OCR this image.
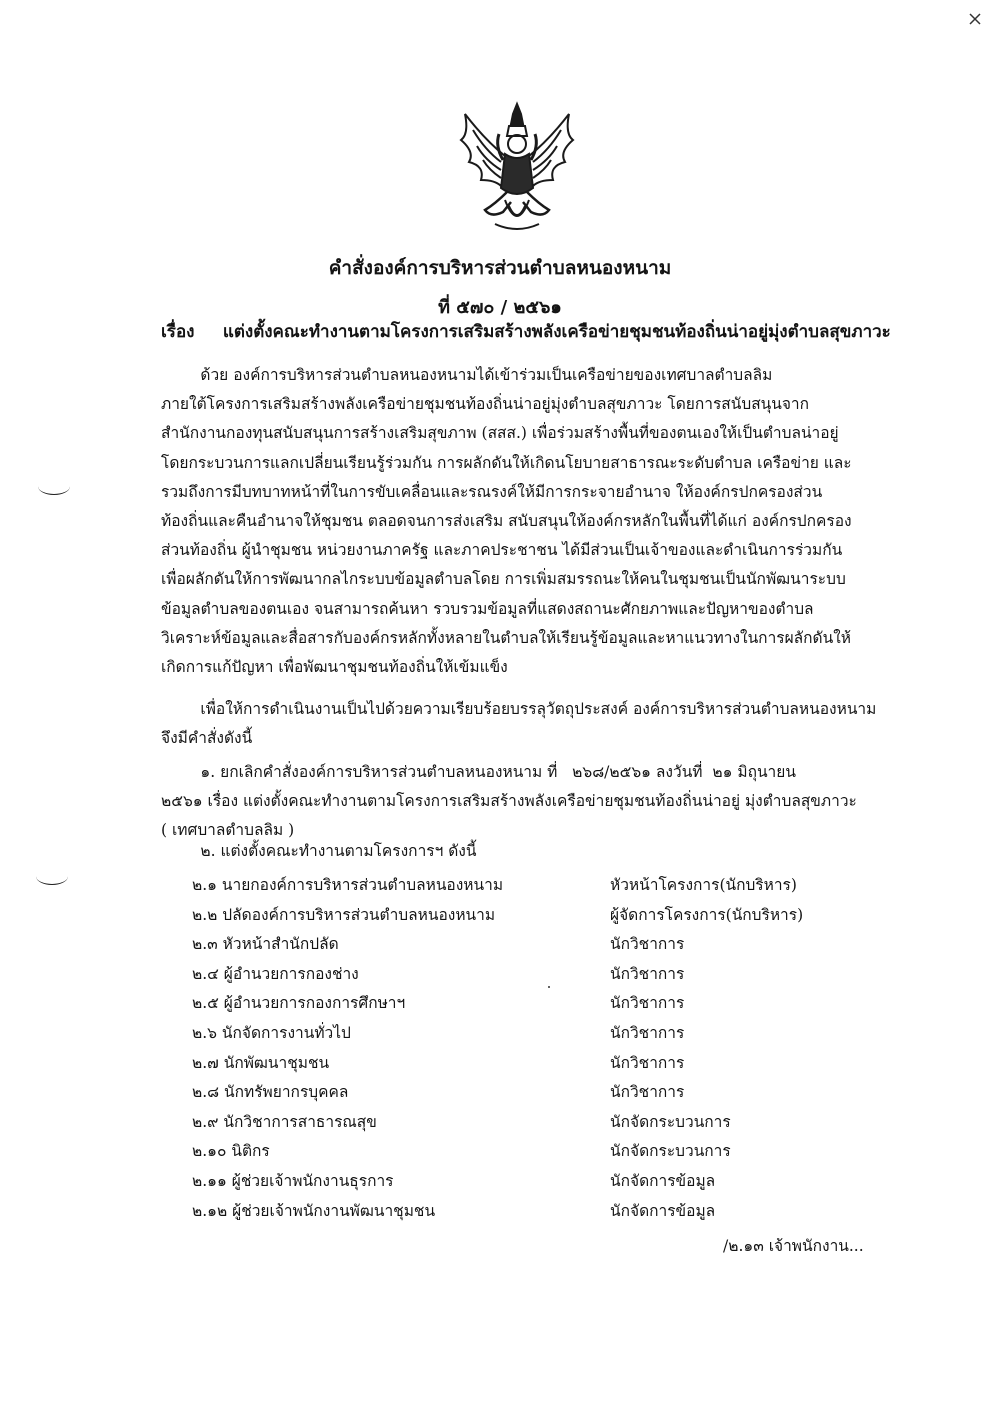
คำสั่งองค์การบริหารส่วนตำบลหนองหนาม
ที่ ๕๗๐ / ๒๕๖๑
เรื่อง แต่งตั้งคณะทำงานตามโครงการเสริมสร้างพลังเครือข่ายชุมชนท้องถิ่นน่าอยู่มุ่งตำบลสุขภาวะ
ด้วย องค์การบริหารส่วนตำบลหนองหนามได้เข้าร่วมเป็นเครือข่ายของเทศบาลตำบลลิม
ภายใต้โครงการเสริมสร้างพลังเครือข่ายชุมชนท้องถิ่นน่าอยู่มุ่งตำบลสุขภาวะ โดยการสนับสนุนจาก
สำนักงานกองทุนสนับสนุนการสร้างเสริมสุขภาพ (สสส.) เพื่อร่วมสร้างพื้นที่ของตนเองให้เป็นตำบลน่าอยู่
โดยกระบวนการแลกเปลี่ยนเรียนรู้ร่วมกัน การผลักดันให้เกิดนโยบายสาธารณะระดับตำบล เครือข่าย และ
รวมถึงการมีบทบาทหน้าที่ในการขับเคลื่อนและรณรงค์ให้มีการกระจายอำนาจ ให้องค์กรปกครองส่วน
ท้องถิ่นและคืนอำนาจให้ชุมชน ตลอดจนการส่งเสริม สนับสนุนให้องค์กรหลักในพื้นที่ได้แก่ องค์กรปกครอง
ส่วนท้องถิ่น ผู้นำชุมชน หน่วยงานภาครัฐ และภาคประชาชน ได้มีส่วนเป็นเจ้าของและดำเนินการร่วมกัน
เพื่อผลักดันให้การพัฒนากลไกระบบข้อมูลตำบลโดย การเพิ่มสมรรถนะให้คนในชุมชนเป็นนักพัฒนาระบบ
ข้อมูลตำบลของตนเอง จนสามารถค้นหา รวบรวมข้อมูลที่แสดงสถานะศักยภาพและปัญหาของตำบล
วิเคราะห์ข้อมูลและสื่อสารกับองค์กรหลักทั้งหลายในตำบลให้เรียนรู้ข้อมูลและหาแนวทางในการผลักดันให้
เกิดการแก้ปัญหา เพื่อพัฒนาชุมชนท้องถิ่นให้เข้มแข็ง
เพื่อให้การดำเนินงานเป็นไปด้วยความเรียบร้อยบรรลุวัตถุประสงค์ องค์การบริหารส่วนตำบลหนองหนาม
จึงมีคำสั่งดังนี้
๑. ยกเลิกคำสั่งองค์การบริหารส่วนตำบลหนองหนาม ที่   ๒๖๘/๒๕๖๑ ลงวันที่  ๒๑ มิถุนายน
๒๕๖๑ เรื่อง แต่งตั้งคณะทำงานตามโครงการเสริมสร้างพลังเครือข่ายชุมชนท้องถิ่นน่าอยู่ มุ่งตำบลสุขภาวะ
( เทศบาลตำบลลิม )
๒. แต่งตั้งคณะทำงานตามโครงการฯ ดังนี้
๒.๑ นายกองค์การบริหารส่วนตำบลหนองหนาม	หัวหน้าโครงการ(นักบริหาร)
๒.๒ ปลัดองค์การบริหารส่วนตำบลหนองหนาม	ผู้จัดการโครงการ(นักบริหาร)
๒.๓ หัวหน้าสำนักปลัด	นักวิชาการ
๒.๔ ผู้อำนวยการกองช่าง	นักวิชาการ
๒.๕ ผู้อำนวยการกองการศึกษาฯ	นักวิชาการ
๒.๖ นักจัดการงานทั่วไป	นักวิชาการ
๒.๗ นักพัฒนาชุมชน	นักวิชาการ
๒.๘ นักทรัพยากรบุคคล	นักวิชาการ
๒.๙ นักวิชาการสาธารณสุข	นักจัดกระบวนการ
๒.๑๐ นิติกร	นักจัดกระบวนการ
๒.๑๑ ผู้ช่วยเจ้าพนักงานธุรการ	นักจัดการข้อมูล
๒.๑๒ ผู้ช่วยเจ้าพนักงานพัฒนาชุมชน	นักจัดการข้อมูล
/๒.๑๓ เจ้าพนักงาน...
